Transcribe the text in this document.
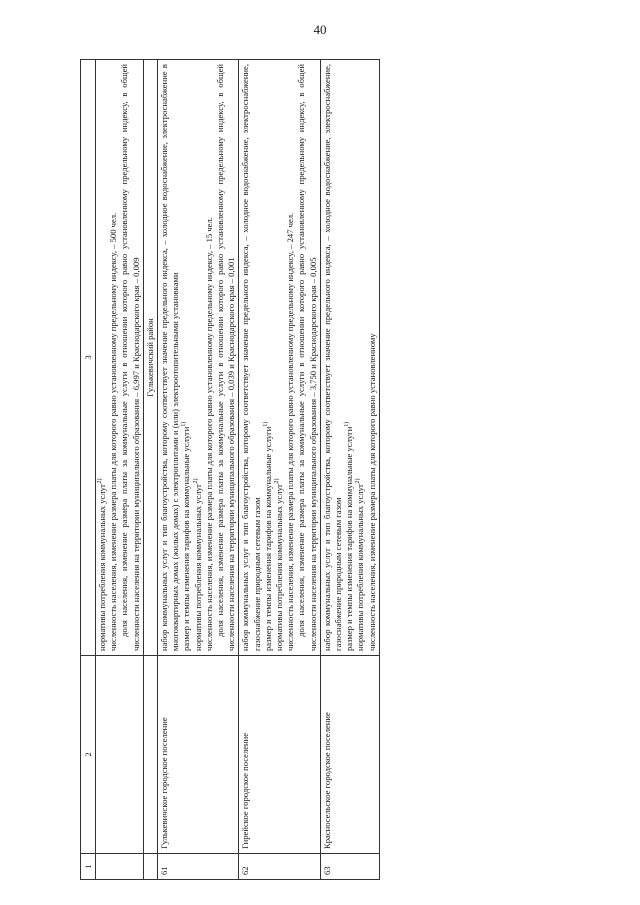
40
1	2	3

		нормативы потребления коммунальных услуг$^{2)}$ численность населения, изменение размера платы для которого равно установленному предельному индексу, – 500 чел. доля населения, изменение размера платы за коммунальные услуги в отношении которого равно установленному предельному индексу, в общей численности населения на территории муниципального образования – 6,997 и Краснодарского края – 0,009

		Гулькевичский район
61	Гулькевичское городское поселение	набор коммунальных услуг и тип благоустройства, которому соответствует значение предельного индекса, – холодное водоснабжение, электроснабжение в многоквартирных домах (жилых домах) с электроплитами и (или) электроотопительными установками размер и темпы изменения тарифов на коммунальные услуги$^{1)}$
нормативы потребления коммунальных услуг$^{2)}$ численность населения, изменение размера платы для которого равно установленному предельному индексу, – 15 чел. доля населения, изменение размера платы за коммунальные услуги в отношении которого равно установленному предельному индексу, в общей численности населения на территории муниципального образования – 0,039 и Краснодарского края – 0,001

62	Гирейское городское поселение	набор коммунальных услуг и тип благоустройства, которому соответствует значение предельного индекса, – холодное водоснабжение, электроснабжение, газоснабжение природным сетевым газом размер и темпы изменения тарифов на коммунальные услуги$^{1)}$
нормативы потребления коммунальных услуг$^{2)}$ численность населения, изменение размера платы для которого равно установленному предельному индексу, – 247 чел. доля населения, изменение размера платы за коммунальные услуги в отношении которого равно установленному предельному индексу, в общей численности населения на территории муниципального образования – 3,750 и Краснодарского края – 0,005

63	Красносельское городское поселение	набор коммунальных услуг и тип благоустройства, которому соответствует значение предельного индекса, – холодное водоснабжение, электроснабжение, газоснабжение природным сетевым газом размер и темпы изменения тарифов на коммунальные услуги$^{1)}$
нормативы потребления коммунальных услуг$^{2)}$ численность населения, изменение размера платы для которого равно установленному
